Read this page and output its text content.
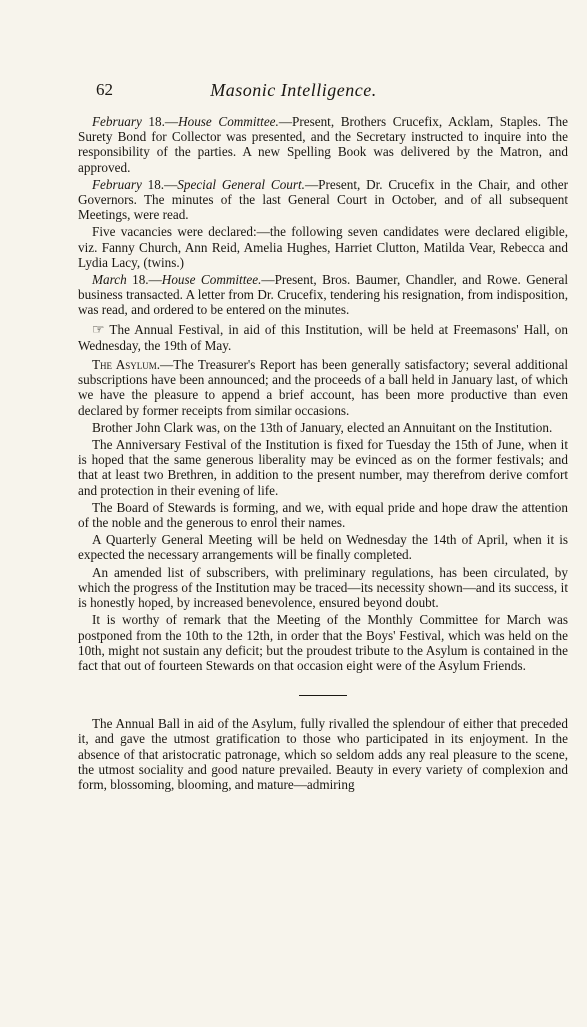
62	Masonic Intelligence.

February 18.—House Committee.—Present, Brothers Crucefix, Acklam, Staples. The Surety Bond for Collector was presented, and the Secretary instructed to inquire into the responsibility of the parties. A new Spelling Book was delivered by the Matron, and approved.

February 18.—Special General Court.—Present, Dr. Crucefix in the Chair, and other Governors. The minutes of the last General Court in October, and of all subsequent Meetings, were read.

Five vacancies were declared:—the following seven candidates were declared eligible, viz. Fanny Church, Ann Reid, Amelia Hughes, Harriet Clutton, Matilda Vear, Rebecca and Lydia Lacy, (twins.)

March 18.—House Committee.—Present, Bros. Baumer, Chandler, and Rowe. General business transacted. A letter from Dr. Crucefix, tendering his resignation, from indisposition, was read, and ordered to be entered on the minutes.

☞ The Annual Festival, in aid of this Institution, will be held at Freemasons' Hall, on Wednesday, the 19th of May.

The Asylum.—The Treasurer's Report has been generally satisfactory; several additional subscriptions have been announced; and the proceeds of a ball held in January last, of which we have the pleasure to append a brief account, has been more productive than even declared by former receipts from similar occasions.

Brother John Clark was, on the 13th of January, elected an Annuitant on the Institution.

The Anniversary Festival of the Institution is fixed for Tuesday the 15th of June, when it is hoped that the same generous liberality may be evinced as on the former festivals; and that at least two Brethren, in addition to the present number, may therefrom derive comfort and protection in their evening of life.

The Board of Stewards is forming, and we, with equal pride and hope draw the attention of the noble and the generous to enrol their names.

A Quarterly General Meeting will be held on Wednesday the 14th of April, when it is expected the necessary arrangements will be finally completed.

An amended list of subscribers, with preliminary regulations, has been circulated, by which the progress of the Institution may be traced—its necessity shown—and its success, it is honestly hoped, by increased benevolence, ensured beyond doubt.

It is worthy of remark that the Meeting of the Monthly Committee for March was postponed from the 10th to the 12th, in order that the Boys' Festival, which was held on the 10th, might not sustain any deficit; but the proudest tribute to the Asylum is contained in the fact that out of fourteen Stewards on that occasion eight were of the Asylum Friends.

The Annual Ball in aid of the Asylum, fully rivalled the splendour of either that preceded it, and gave the utmost gratification to those who participated in its enjoyment. In the absence of that aristocratic patronage, which so seldom adds any real pleasure to the scene, the utmost sociality and good nature prevailed. Beauty in every variety of complexion and form, blossoming, blooming, and mature—admiring
